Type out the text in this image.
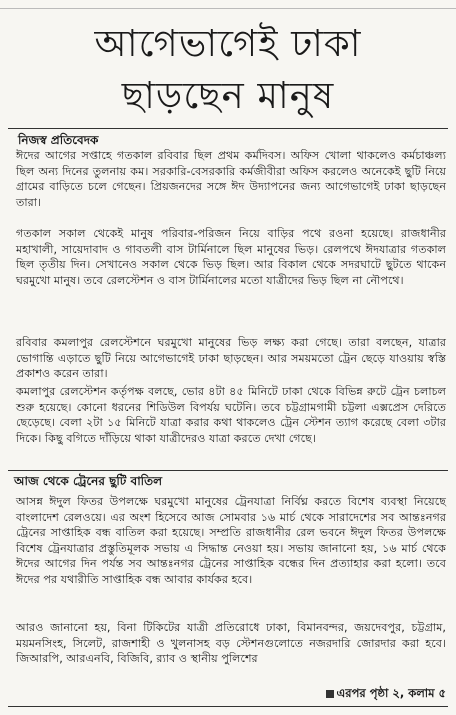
আগেভাগেই ঢাকা
ছাড়ছেন মানুষ
নিজস্ব প্রতিবেদক

ঈদের আগের সপ্তাহে গতকাল রবিবার ছিল প্রথম কর্মদিবস। অফিস খোলা থাকলেও কর্মচাঞ্চল্য ছিল অন্য দিনের তুলনায় কম। সরকারি-বেসরকারি কর্মজীবীরা অফিস করলেও অনেকেই ছুটি নিয়ে গ্রামের বাড়িতে চলে গেছেন। প্রিয়জনদের সঙ্গে ঈদ উদ্যাপনের জন্য আগেভাগেই ঢাকা ছাড়ছেন তারা।

গতকাল সকাল থেকেই মানুষ পরিবার-পরিজন নিয়ে বাড়ির পথে রওনা হয়েছে। রাজধানীর মহাখালী, সায়েদাবাদ ও গাবতলী বাস টার্মিনালে ছিল মানুষের ভিড়। রেলপথে ঈদযাত্রার গতকাল ছিল তৃতীয় দিন। সেখানেও সকাল থেকে ভিড় ছিল। আর বিকাল থেকে সদরঘাটে ছুটতে থাকেন ঘরমুখো মানুষ। তবে রেলস্টেশন ও বাস টার্মিনালের মতো যাত্রীদের ভিড় ছিল না নৌপথে।

রবিবার কমলাপুর রেলস্টেশনে ঘরমুখো মানুষের ভিড় লক্ষ্য করা গেছে। তারা বলছেন, যাত্রার ভোগান্তি এড়াতে ছুটি নিয়ে আগেভাগেই ঢাকা ছাড়ছেন। আর সময়মতো ট্রেন ছেড়ে যাওয়ায় স্বস্তি প্রকাশও করেন তারা।

কমলাপুর রেলস্টেশন কর্তৃপক্ষ বলছে, ভোর ৪টা ৪৫ মিনিটে ঢাকা থেকে বিভিন্ন রুটে ট্রেন চলাচল শুরু হয়েছে। কোনো ধরনের শিডিউল বিপর্যয় ঘটেনি। তবে চট্টগ্রামগামী চট্টলা এক্সপ্রেস দেরিতে ছেড়েছে। বেলা ২টা ১৫ মিনিটে যাত্রা করার কথা থাকলেও ট্রেন স্টেশন ত্যাগ করেছে বেলা ৩টার দিকে। কিছু বগিতে দাঁড়িয়ে থাকা যাত্রীদেরও যাত্রা করতে দেখা গেছে।

আজ থেকে ট্রেনের ছুটি বাতিল

আসন্ন ঈদুল ফিতর উপলক্ষে ঘরমুখো মানুষের ট্রেনযাত্রা নির্বিঘ্ন করতে বিশেষ ব্যবস্থা নিয়েছে বাংলাদেশ রেলওয়ে। এর অংশ হিসেবে আজ সোমবার ১৬ মার্চ থেকে সারাদেশের সব আন্তঃনগর ট্রেনের সাপ্তাহিক বন্ধ বাতিল করা হয়েছে। সম্প্রতি রাজধানীর রেল ভবনে ঈদুল ফিতর উপলক্ষে বিশেষ ট্রেনযাত্রার প্রস্তুতিমূলক সভায় এ সিদ্ধান্ত নেওয়া হয়। সভায় জানানো হয়, ১৬ মার্চ থেকে ঈদের আগের দিন পর্যন্ত সব আন্তঃনগর ট্রেনের সাপ্তাহিক বন্ধের দিন প্রত্যাহার করা হলো। তবে ঈদের পর যথারীতি সাপ্তাহিক বন্ধ আবার কার্যকর হবে।

আরও জানানো হয়, বিনা টিকিটের যাত্রী প্রতিরোধে ঢাকা, বিমানবন্দর, জয়দেবপুর, চট্টগ্রাম, ময়মনসিংহ, সিলেট, রাজশাহী ও খুলনাসহ বড় স্টেশনগুলোতে নজরদারি জোরদার করা হবে। জিআরপি, আরএনবি, বিজিবি, র‍্যাব ও স্থানীয় পুলিশের

এরপর পৃষ্ঠা ২, কলাম ৫
